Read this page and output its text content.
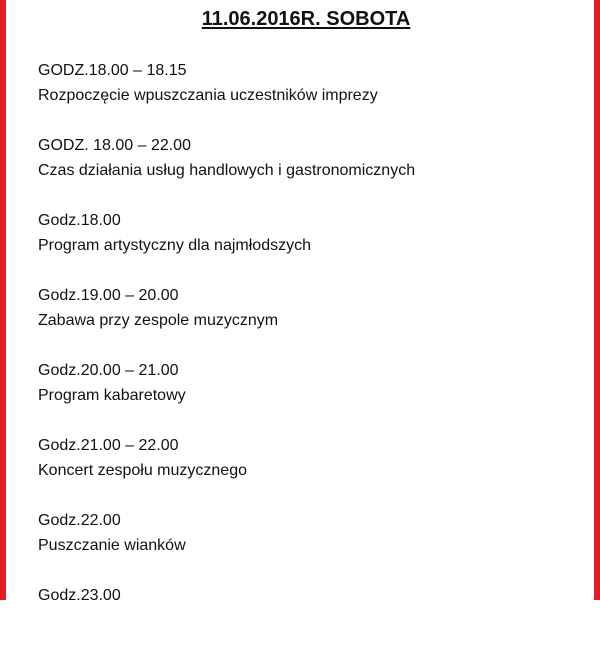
11.06.2016R. SOBOTA
GODZ.18.00 – 18.15
Rozpoczęcie wpuszczania uczestników imprezy
GODZ. 18.00 – 22.00
Czas działania usług handlowych i gastronomicznych
Godz.18.00
Program artystyczny dla najmłodszych
Godz.19.00 – 20.00
Zabawa przy zespole muzycznym
Godz.20.00 – 21.00
Program kabaretowy
Godz.21.00 – 22.00
Koncert zespołu muzycznego
Godz.22.00
Puszczanie wianków
Godz.23.00
